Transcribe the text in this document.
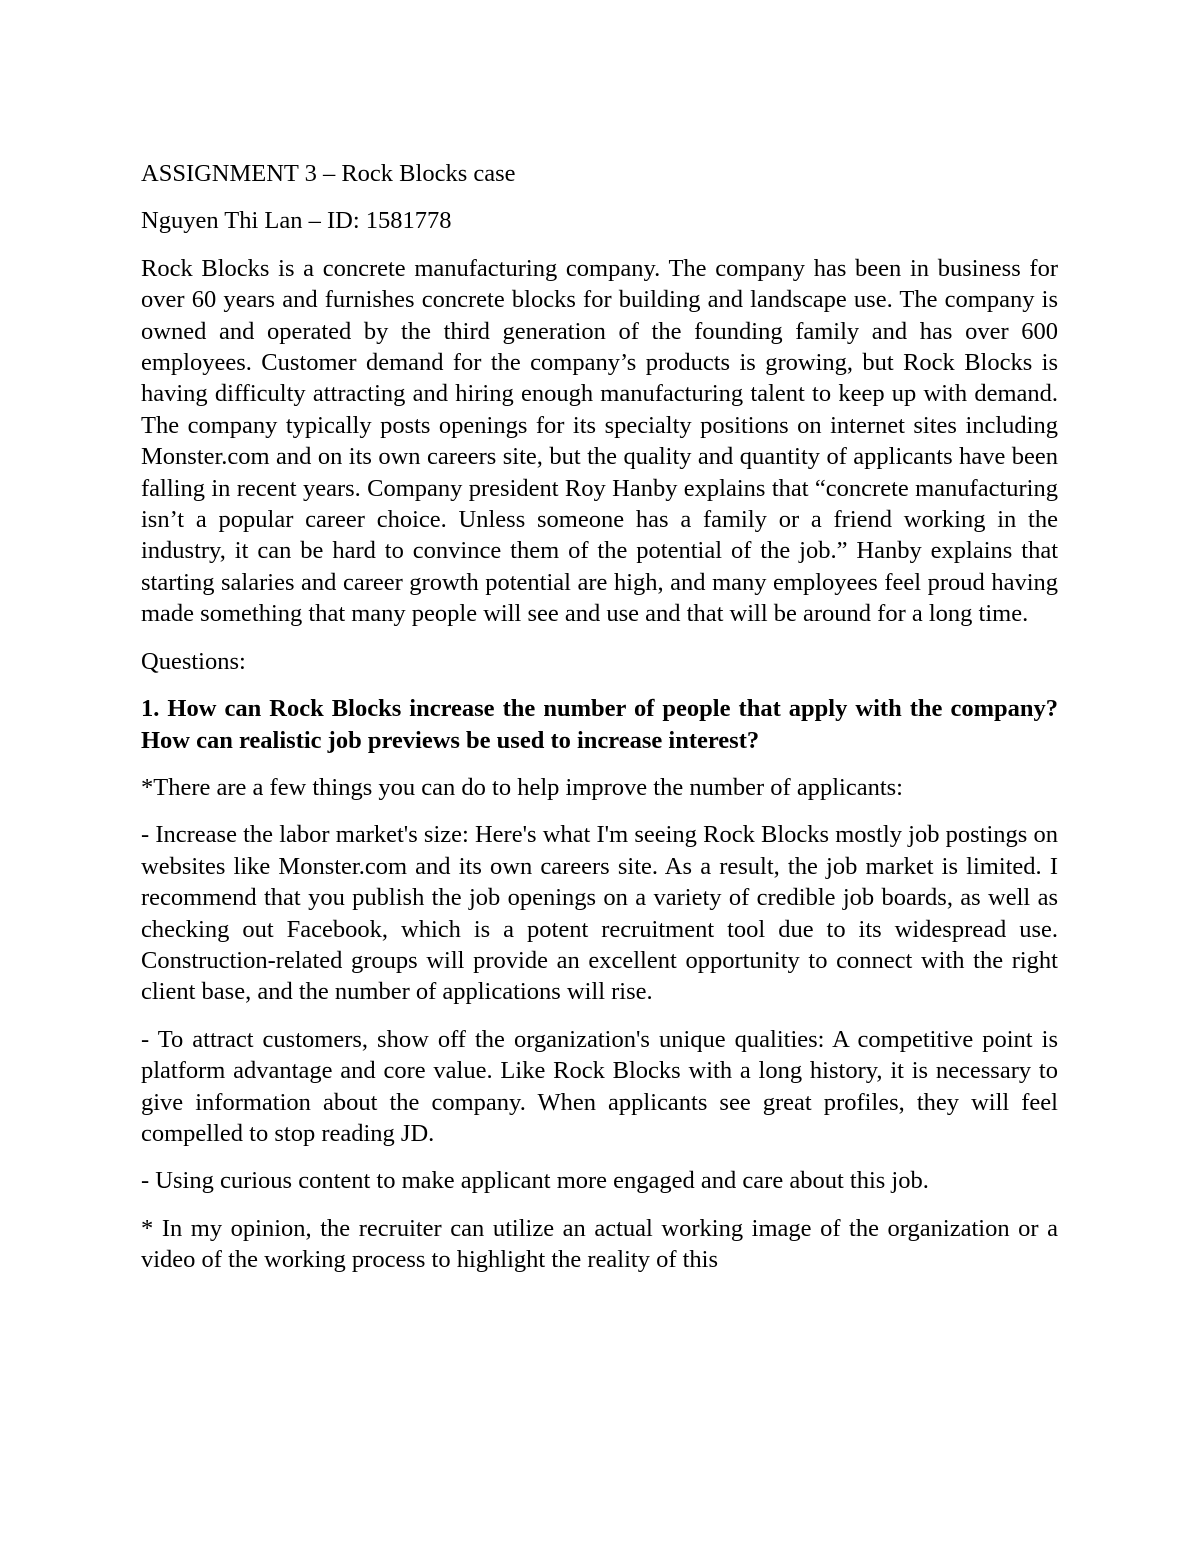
ASSIGNMENT 3 – Rock Blocks case

Nguyen Thi Lan – ID: 1581778

Rock Blocks is a concrete manufacturing company. The company has been in business for over 60 years and furnishes concrete blocks for building and landscape use. The company is owned and operated by the third generation of the founding family and has over 600 employees. Customer demand for the company’s products is growing, but Rock Blocks is having difficulty attracting and hiring enough manufacturing talent to keep up with demand. The company typically posts openings for its specialty positions on internet sites including Monster.com and on its own careers site, but the quality and quantity of applicants have been falling in recent years. Company president Roy Hanby explains that “concrete manufacturing isn’t a popular career choice. Unless someone has a family or a friend working in the industry, it can be hard to convince them of the potential of the job.” Hanby explains that starting salaries and career growth potential are high, and many employees feel proud having made something that many people will see and use and that will be around for a long time.

Questions:

1. How can Rock Blocks increase the number of people that apply with the company? How can realistic job previews be used to increase interest?

*There are a few things you can do to help improve the number of applicants:

- Increase the labor market's size: Here's what I'm seeing Rock Blocks mostly job postings on websites like Monster.com and its own careers site. As a result, the job market is limited. I recommend that you publish the job openings on a variety of credible job boards, as well as checking out Facebook, which is a potent recruitment tool due to its widespread use. Construction-related groups will provide an excellent opportunity to connect with the right client base, and the number of applications will rise.

- To attract customers, show off the organization's unique qualities: A competitive point is platform advantage and core value. Like Rock Blocks with a long history, it is necessary to give information about the company. When applicants see great profiles, they will feel compelled to stop reading JD.

- Using curious content to make applicant more engaged and care about this job.

* In my opinion, the recruiter can utilize an actual working image of the organization or a video of the working process to highlight the reality of this
